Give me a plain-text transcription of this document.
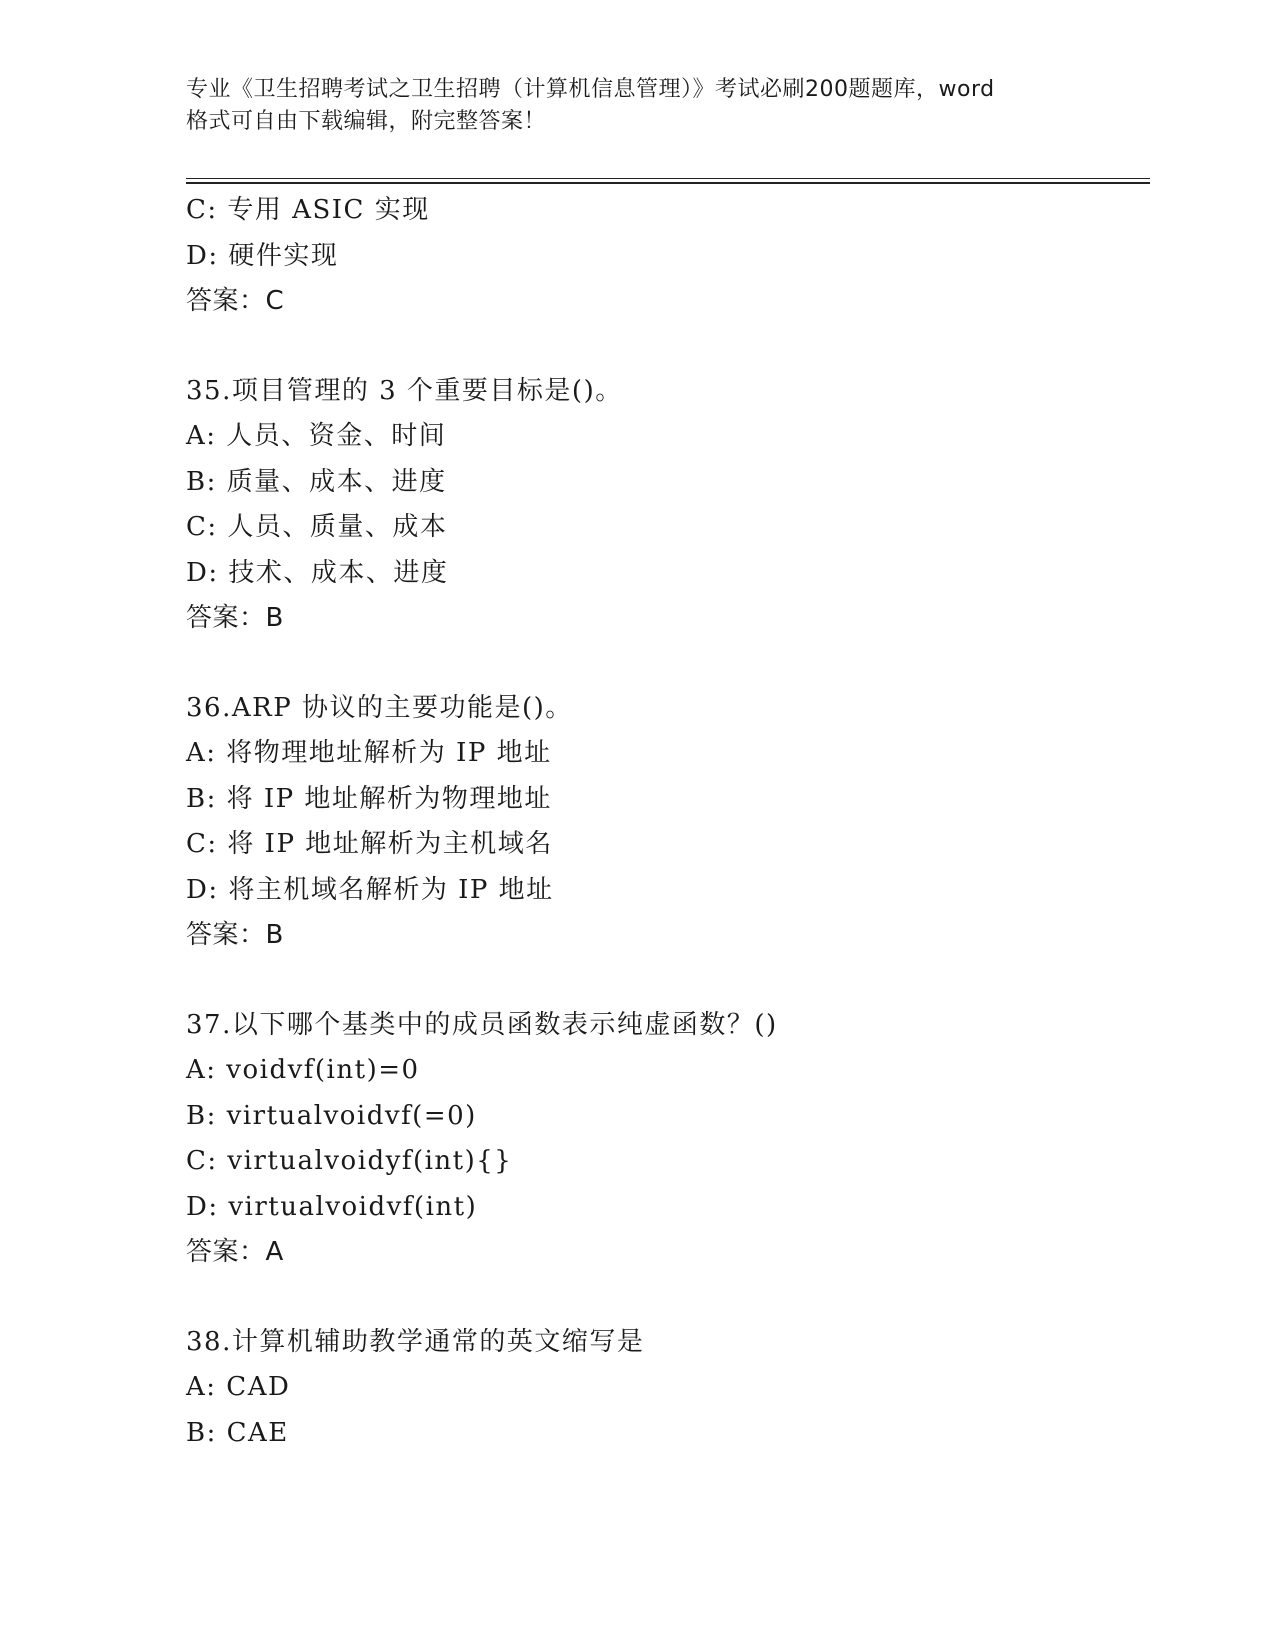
专业《卫生招聘考试之卫生招聘（计算机信息管理）》考试必刷200题题库，word
格式可自由下载编辑，附完整答案！
C: 专用 ASIC 实现
D: 硬件实现
答案：C
35.项目管理的 3 个重要目标是()。
A: 人员、资金、时间
B: 质量、成本、进度
C: 人员、质量、成本
D: 技术、成本、进度
答案：B
36.ARP 协议的主要功能是()。
A: 将物理地址解析为 IP 地址
B: 将 IP 地址解析为物理地址
C: 将 IP 地址解析为主机域名
D: 将主机域名解析为 IP 地址
答案：B
37.以下哪个基类中的成员函数表示纯虚函数？()
A: voidvf(int)=0
B: virtualvoidvf(=0)
C: virtualvoidyf(int){}
D: virtualvoidvf(int)
答案：A
38.计算机辅助教学通常的英文缩写是
A: CAD
B: CAE
